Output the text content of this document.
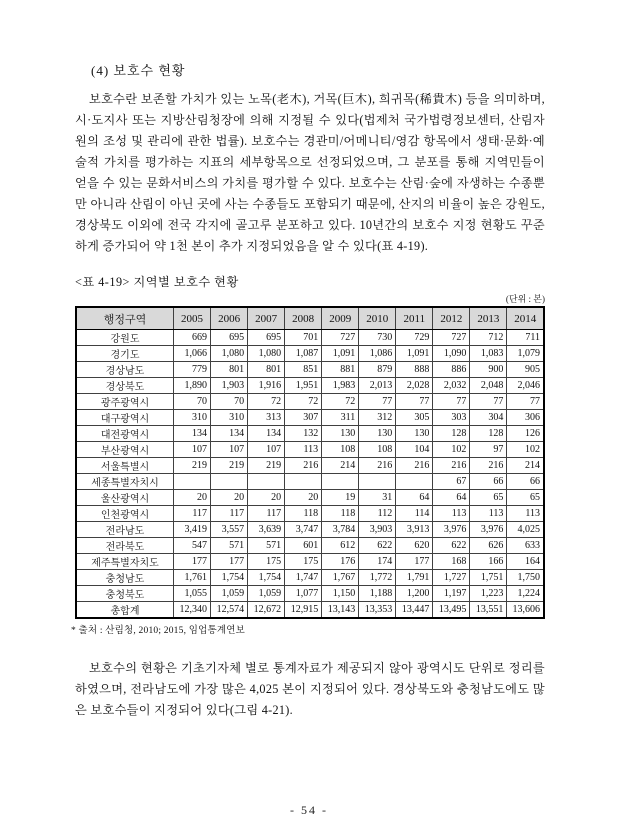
(4) 보호수 현황

보호수란 보존할 가치가 있는 노목(老木), 거목(巨木), 희귀목(稀貴木) 등을 의미하며, 시·도지사 또는 지방산림청장에 의해 지정될 수 있다(법제처 국가법령정보센터, 산림자원의 조성 및 관리에 관한 법률). 보호수는 경관미/어메니티/영감 항목에서 생태·문화·예술적 가치를 평가하는 지표의 세부항목으로 선정되었으며, 그 분포를 통해 지역민들이 얻을 수 있는 문화서비스의 가치를 평가할 수 있다. 보호수는 산림·숲에 자생하는 수종뿐만 아니라 산림이 아닌 곳에 사는 수종들도 포함되기 때문에, 산지의 비율이 높은 강원도, 경상북도 이외에 전국 각지에 골고루 분포하고 있다. 10년간의 보호수 지정 현황도 꾸준하게 증가되어 약 1천 본이 추가 지정되었음을 알 수 있다(표 4-19).

<표 4-19> 지역별 보호수 현황
(단위 : 본)
행정구역	2005	2006	2007	2008	2009	2010	2011	2012	2013	2014
강원도	669	695	695	701	727	730	729	727	712	711
경기도	1,066	1,080	1,080	1,087	1,091	1,086	1,091	1,090	1,083	1,079
경상남도	779	801	801	851	881	879	888	886	900	905
경상북도	1,890	1,903	1,916	1,951	1,983	2,013	2,028	2,032	2,048	2,046
광주광역시	70	70	72	72	72	77	77	77	77	77
대구광역시	310	310	313	307	311	312	305	303	304	306
대전광역시	134	134	134	132	130	130	130	128	128	126
부산광역시	107	107	107	113	108	108	104	102	97	102
서울특별시	219	219	219	216	214	216	216	216	216	214
세종특별자치시								67	66	66
울산광역시	20	20	20	20	19	31	64	64	65	65
인천광역시	117	117	117	118	118	112	114	113	113	113
전라남도	3,419	3,557	3,639	3,747	3,784	3,903	3,913	3,976	3,976	4,025
전라북도	547	571	571	601	612	622	620	622	626	633
제주특별자치도	177	177	175	175	176	174	177	168	166	164
충청남도	1,761	1,754	1,754	1,747	1,767	1,772	1,791	1,727	1,751	1,750
충청북도	1,055	1,059	1,059	1,077	1,150	1,188	1,200	1,197	1,223	1,224
총합계	12,340	12,574	12,672	12,915	13,143	13,353	13,447	13,495	13,551	13,606
* 출처 : 산림청, 2010; 2015, 임업통계연보

보호수의 현황은 기초기자체 별로 통계자료가 제공되지 않아 광역시도 단위로 정리를 하였으며, 전라남도에 가장 많은 4,025 본이 지정되어 있다. 경상북도와 충청남도에도 많은 보호수들이 지정되어 있다(그림 4-21).

- 54 -
